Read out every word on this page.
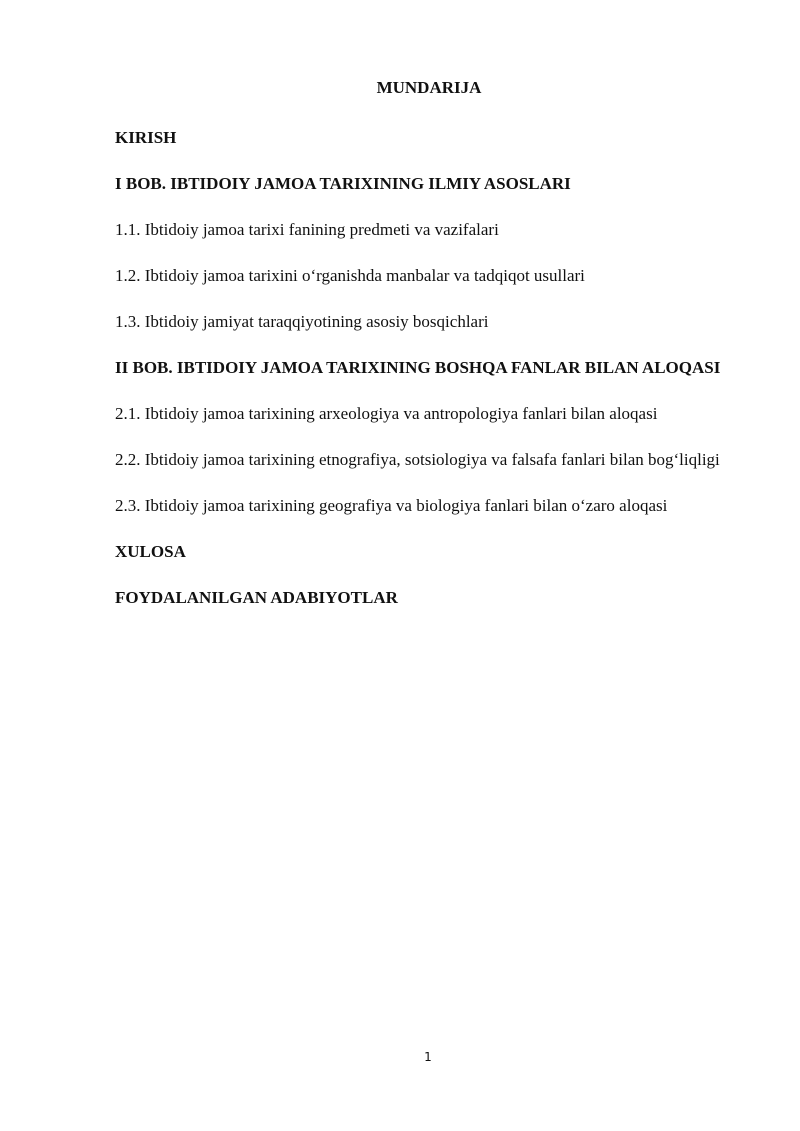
MUNDARIJA
KIRISH
I BOB. IBTIDOIY JAMOA TARIXINING ILMIY ASOSLARI
1.1. Ibtidoiy jamoa tarixi fanining predmeti va vazifalari
1.2. Ibtidoiy jamoa tarixini o‘rganishda manbalar va tadqiqot usullari
1.3. Ibtidoiy jamiyat taraqqiyotining asosiy bosqichlari
II BOB. IBTIDOIY JAMOA TARIXINING BOSHQA FANLAR BILAN ALOQASI
2.1. Ibtidoiy jamoa tarixining arxeologiya va antropologiya fanlari bilan aloqasi
2.2. Ibtidoiy jamoa tarixining etnografiya, sotsiologiya va falsafa fanlari bilan bog‘liqligi
2.3. Ibtidoiy jamoa tarixining geografiya va biologiya fanlari bilan o‘zaro aloqasi
XULOSA
FOYDALANILGAN ADABIYOTLAR
1
